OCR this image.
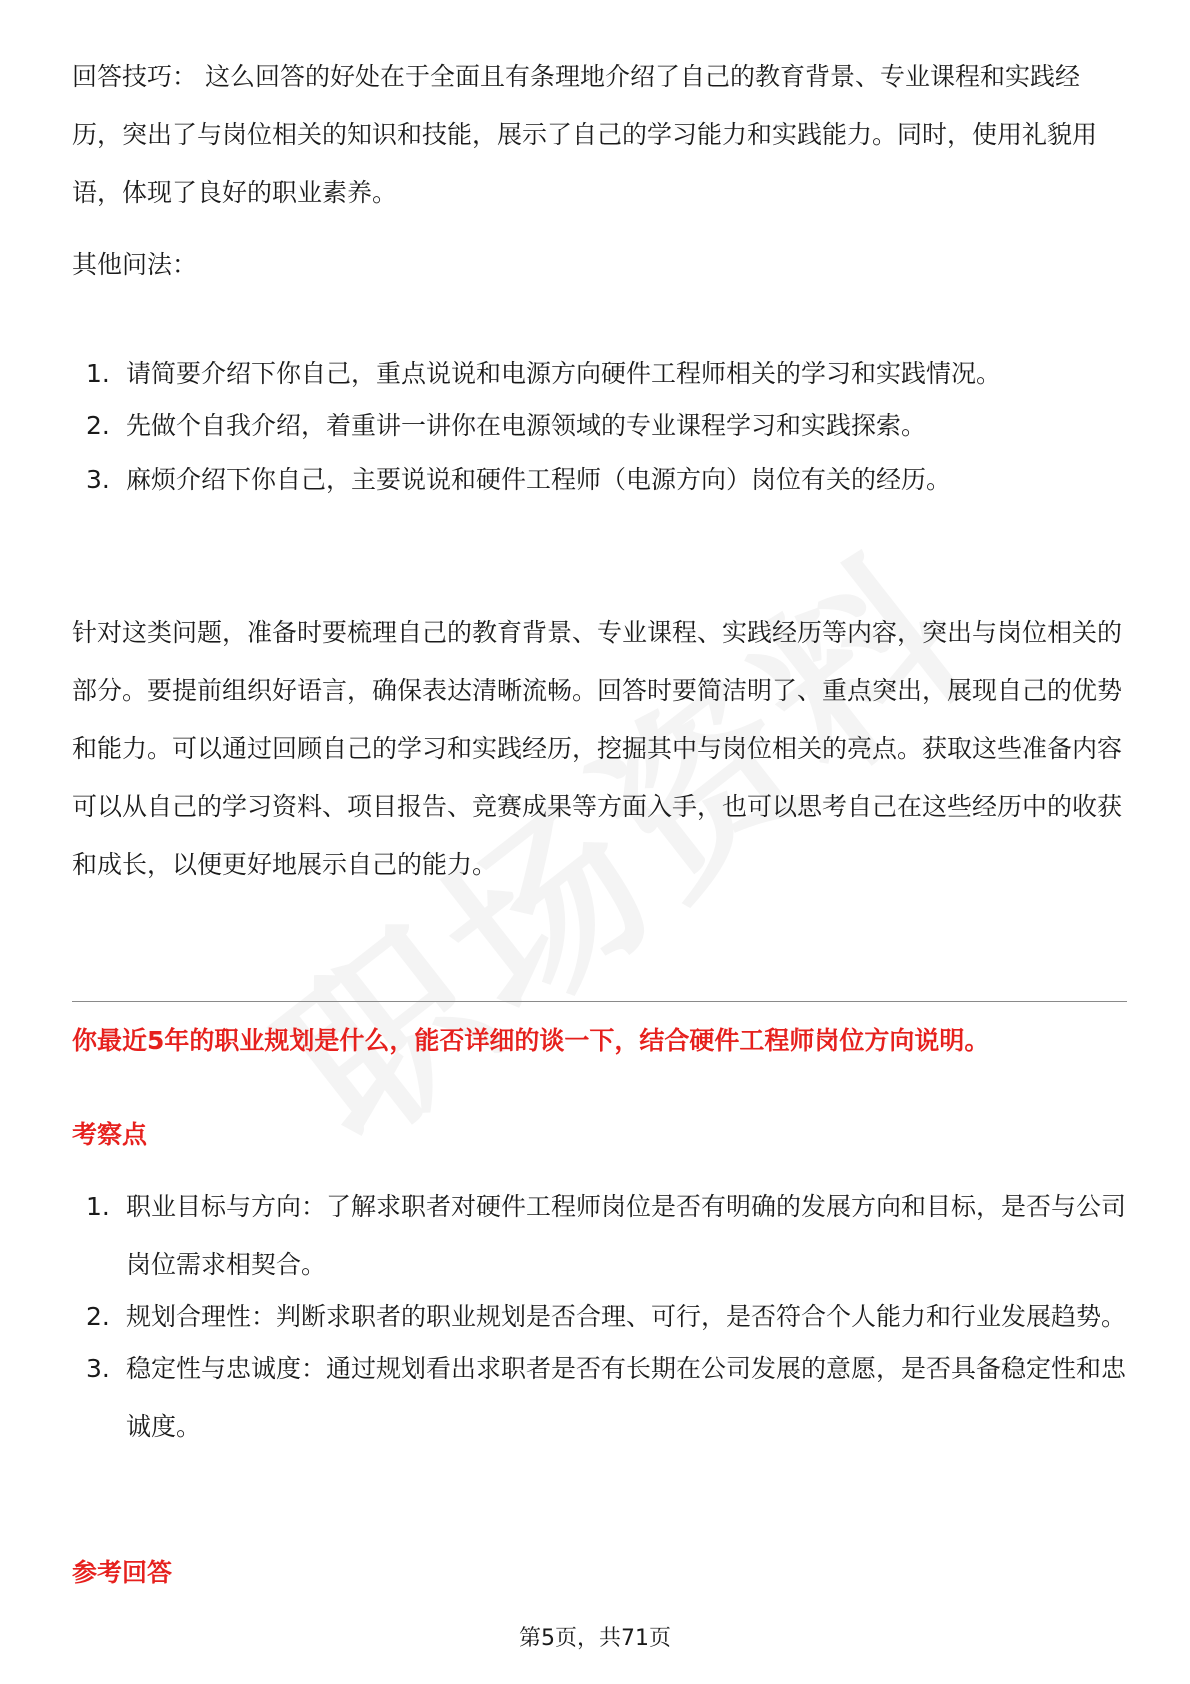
回答技巧： 这么回答的好处在于全面且有条理地介绍了自己的教育背景、专业课程和实践经历，突出了与岗位相关的知识和技能，展示了自己的学习能力和实践能力。同时，使用礼貌用语，体现了良好的职业素养。

其他问法：

1. 请简要介绍下你自己，重点说说和电源方向硬件工程师相关的学习和实践情况。
2. 先做个自我介绍，着重讲一讲你在电源领域的专业课程学习和实践探索。
3. 麻烦介绍下你自己，主要说说和硬件工程师（电源方向）岗位有关的经历。

针对这类问题，准备时要梳理自己的教育背景、专业课程、实践经历等内容，突出与岗位相关的部分。要提前组织好语言，确保表达清晰流畅。回答时要简洁明了、重点突出，展现自己的优势和能力。可以通过回顾自己的学习和实践经历，挖掘其中与岗位相关的亮点。获取这些准备内容可以从自己的学习资料、项目报告、竞赛成果等方面入手，也可以思考自己在这些经历中的收获和成长，以便更好地展示自己的能力。

你最近5年的职业规划是什么，能否详细的谈一下，结合硬件工程师岗位方向说明。

考察点

1. 职业目标与方向：了解求职者对硬件工程师岗位是否有明确的发展方向和目标，是否与公司岗位需求相契合。
2. 规划合理性：判断求职者的职业规划是否合理、可行，是否符合个人能力和行业发展趋势。
3. 稳定性与忠诚度：通过规划看出求职者是否有长期在公司发展的意愿，是否具备稳定性和忠诚度。

参考回答

第5页，共71页
